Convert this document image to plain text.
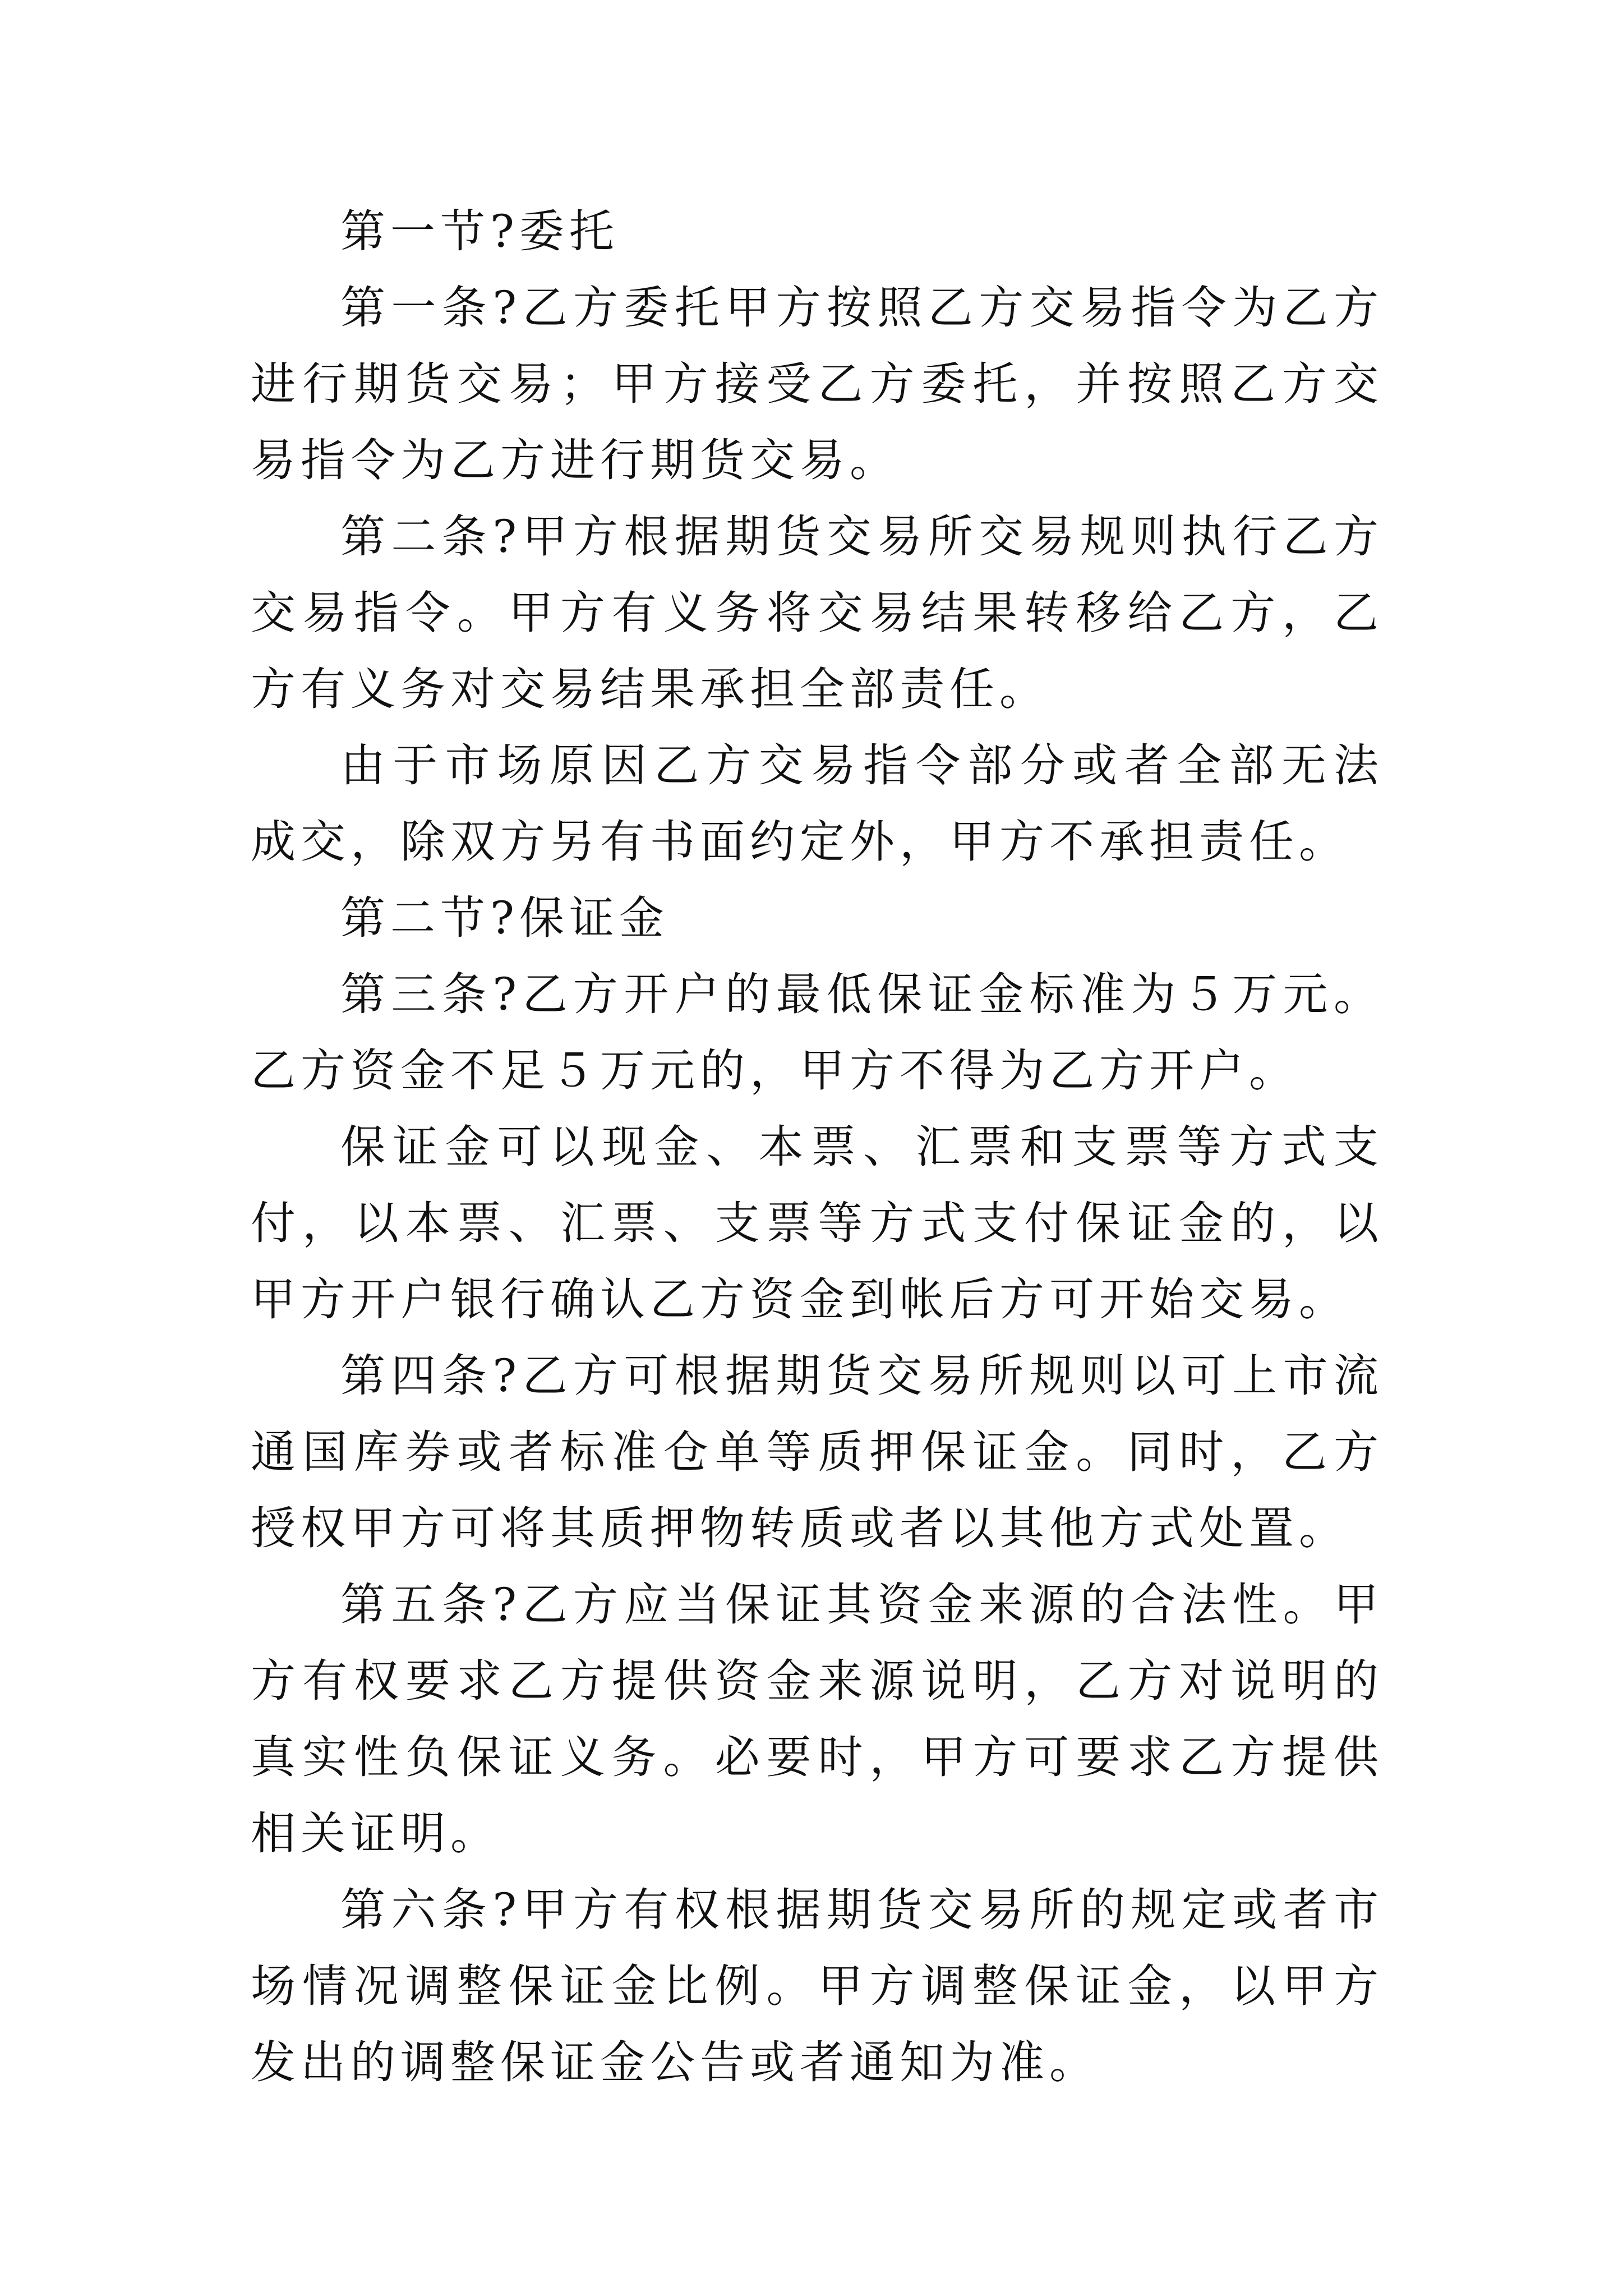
第一节?委托

第一条?乙方委托甲方按照乙方交易指令为乙方进行期货交易；甲方接受乙方委托，并按照乙方交易指令为乙方进行期货交易。

第二条?甲方根据期货交易所交易规则执行乙方交易指令。甲方有义务将交易结果转移给乙方，乙方有义务对交易结果承担全部责任。

由于市场原因乙方交易指令部分或者全部无法成交，除双方另有书面约定外，甲方不承担责任。

第二节?保证金

第三条?乙方开户的最低保证金标准为５万元。乙方资金不足５万元的，甲方不得为乙方开户。

保证金可以现金、本票、汇票和支票等方式支付，以本票、汇票、支票等方式支付保证金的，以甲方开户银行确认乙方资金到帐后方可开始交易。

第四条?乙方可根据期货交易所规则以可上市流通国库券或者标准仓单等质押保证金。同时，乙方授权甲方可将其质押物转质或者以其他方式处置。

第五条?乙方应当保证其资金来源的合法性。甲方有权要求乙方提供资金来源说明，乙方对说明的真实性负保证义务。必要时，甲方可要求乙方提供相关证明。

第六条?甲方有权根据期货交易所的规定或者市场情况调整保证金比例。甲方调整保证金，以甲方发出的调整保证金公告或者通知为准。
